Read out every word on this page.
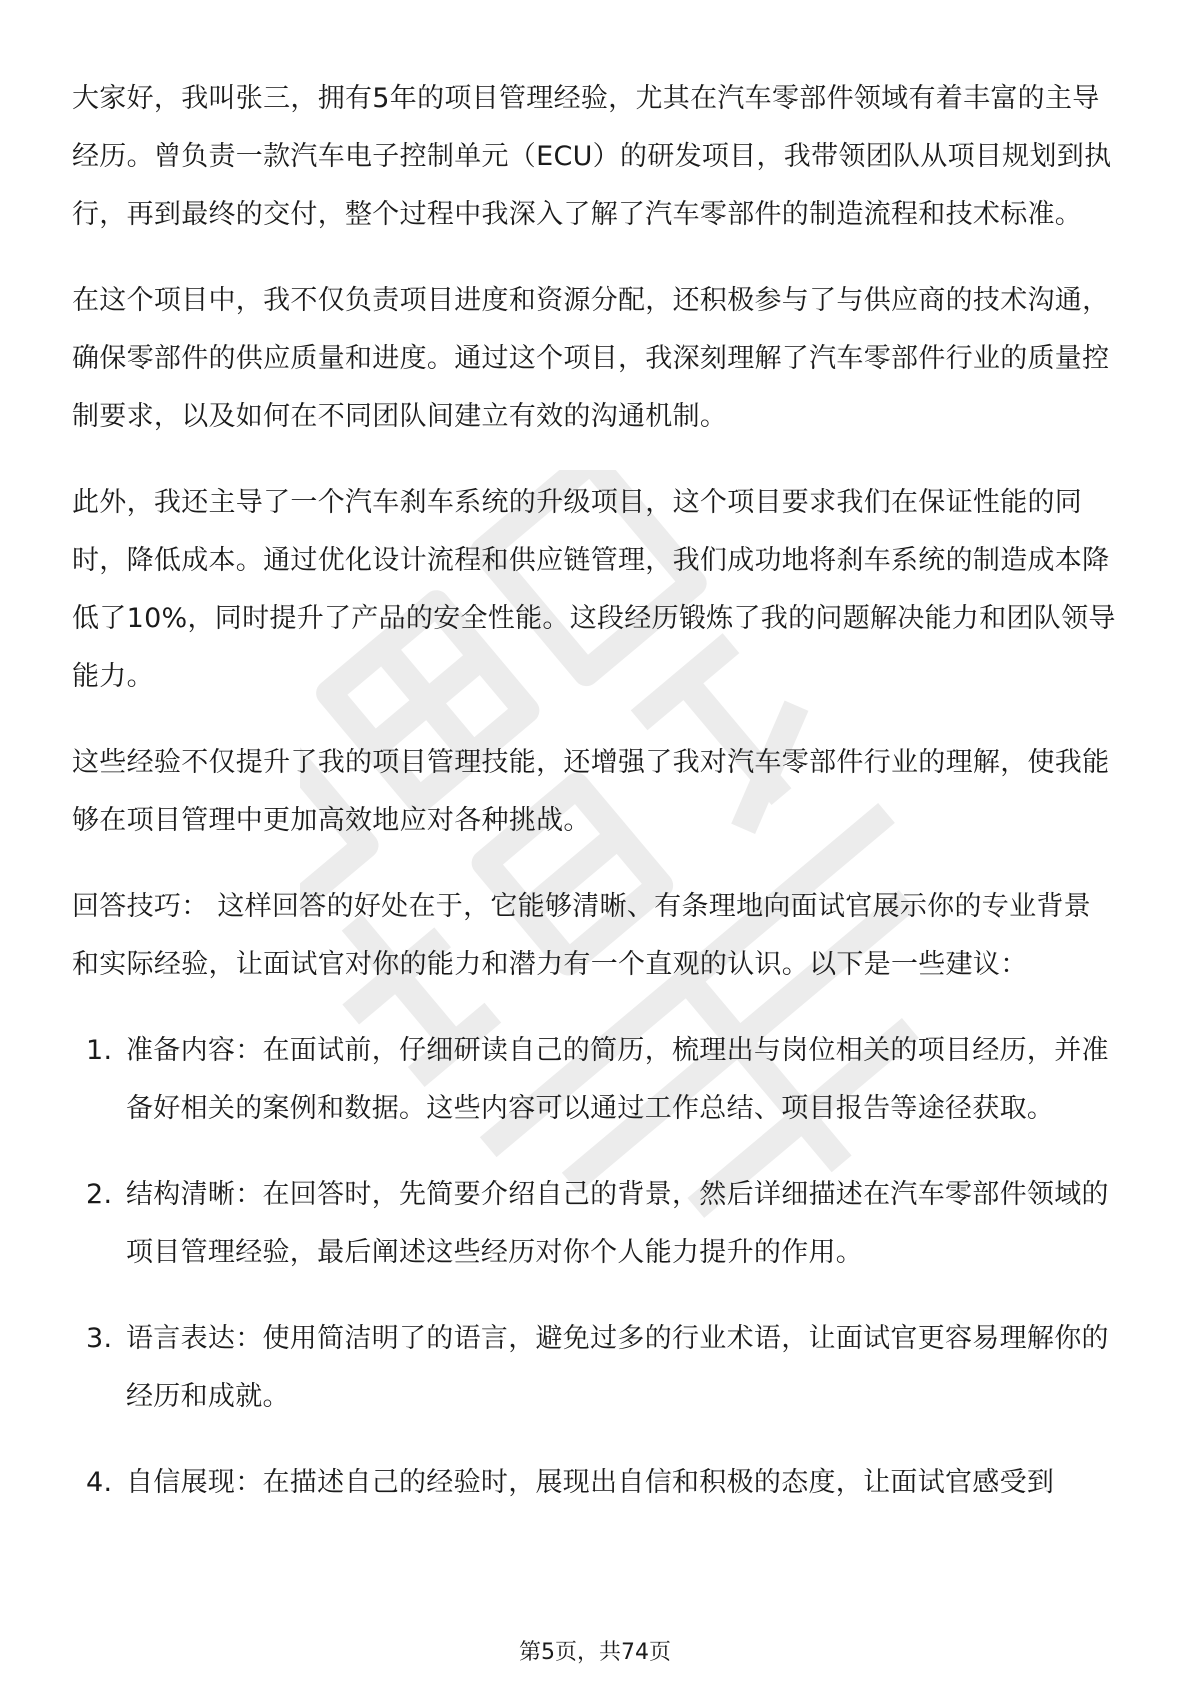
大家好，我叫张三，拥有5年的项目管理经验，尤其在汽车零部件领域有着丰富的主导经历。曾负责一款汽车电子控制单元（ECU）的研发项目，我带领团队从项目规划到执行，再到最终的交付，整个过程中我深入了解了汽车零部件的制造流程和技术标准。

在这个项目中，我不仅负责项目进度和资源分配，还积极参与了与供应商的技术沟通，确保零部件的供应质量和进度。通过这个项目，我深刻理解了汽车零部件行业的质量控制要求，以及如何在不同团队间建立有效的沟通机制。

此外，我还主导了一个汽车刹车系统的升级项目，这个项目要求我们在保证性能的同时，降低成本。通过优化设计流程和供应链管理，我们成功地将刹车系统的制造成本降低了10%，同时提升了产品的安全性能。这段经历锻炼了我的问题解决能力和团队领导能力。

这些经验不仅提升了我的项目管理技能，还增强了我对汽车零部件行业的理解，使我能够在项目管理中更加高效地应对各种挑战。

回答技巧： 这样回答的好处在于，它能够清晰、有条理地向面试官展示你的专业背景和实际经验，让面试官对你的能力和潜力有一个直观的认识。以下是一些建议：

1. 准备内容：在面试前，仔细研读自己的简历，梳理出与岗位相关的项目经历，并准备好相关的案例和数据。这些内容可以通过工作总结、项目报告等途径获取。
2. 结构清晰：在回答时，先简要介绍自己的背景，然后详细描述在汽车零部件领域的项目管理经验，最后阐述这些经历对你个人能力提升的作用。
3. 语言表达：使用简洁明了的语言，避免过多的行业术语，让面试官更容易理解你的经历和成就。
4. 自信展现：在描述自己的经验时，展现出自信和积极的态度，让面试官感受到
第5页，共74页
